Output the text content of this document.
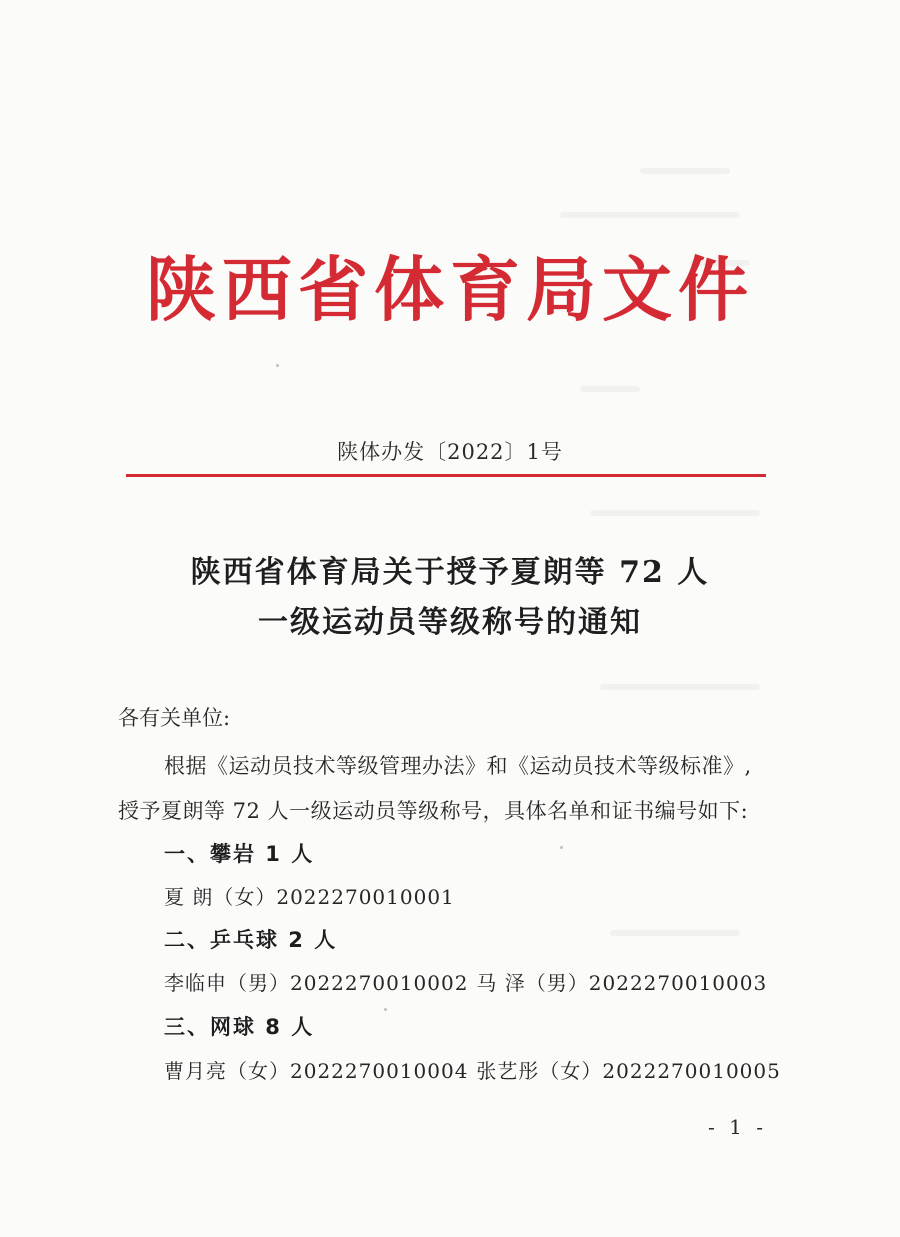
陕西省体育局文件
陕体办发〔2022〕1号
陕西省体育局关于授予夏朗等 72 人
一级运动员等级称号的通知
各有关单位:
根据《运动员技术等级管理办法》和《运动员技术等级标准》,
授予夏朗等 72 人一级运动员等级称号，具体名单和证书编号如下:
一、攀岩 1 人
夏 朗（女）2022270010001
二、乒乓球 2 人
李临申（男）2022270010002 马 泽（男）2022270010003
三、网球 8 人
曹月亮（女）2022270010004 张艺彤（女）2022270010005
- 1 -
